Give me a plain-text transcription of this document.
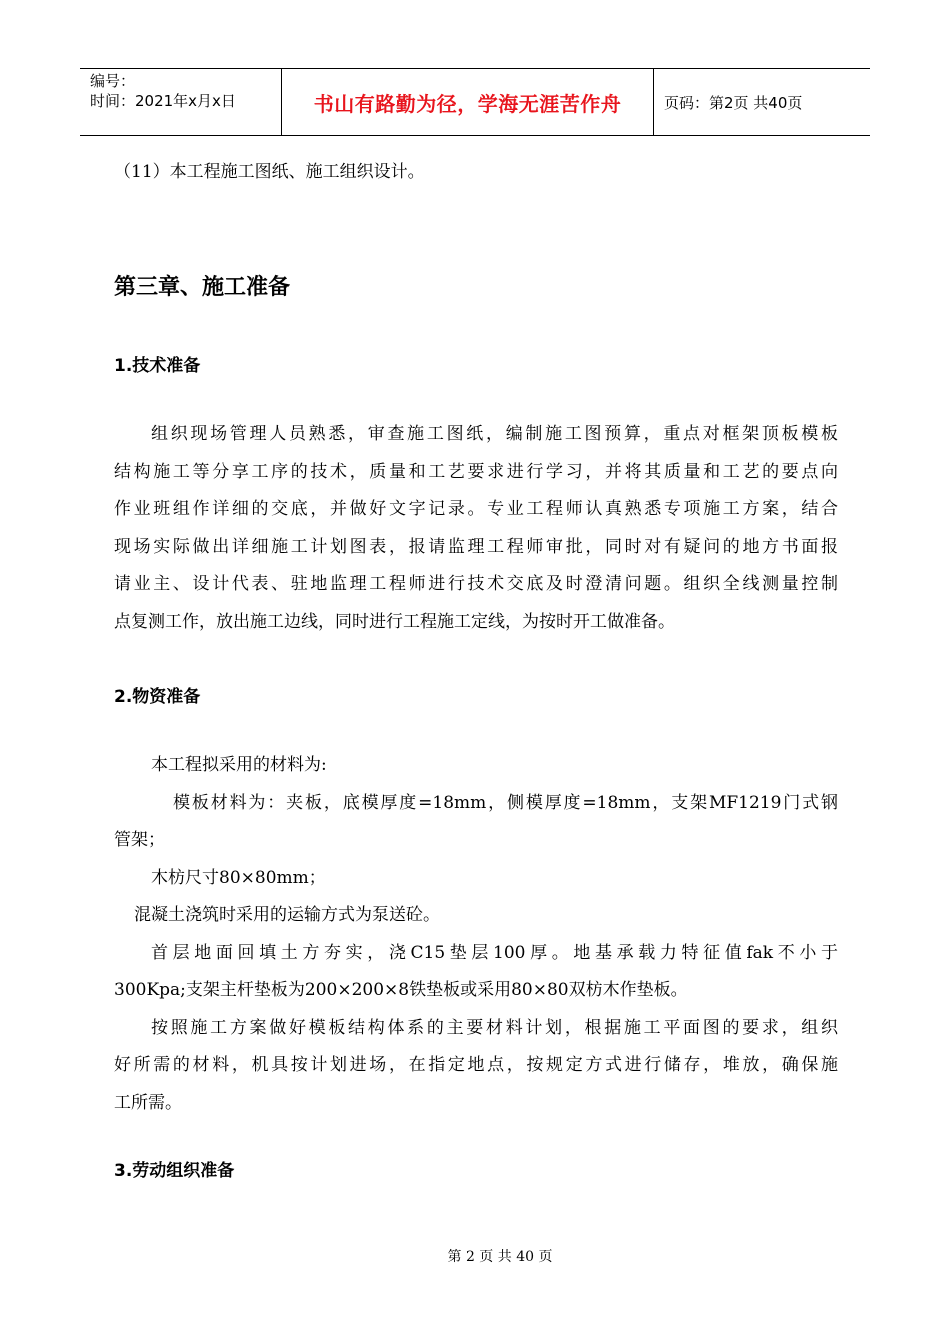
编号：
时间：2021年x月x日	书山有路勤为径，学海无涯苦作舟	页码：第2页 共40页
（11）本工程施工图纸、施工组织设计。
第三章、施工准备
1.技术准备
组织现场管理人员熟悉，审查施工图纸，编制施工图预算，重点对框架顶板模板
结构施工等分享工序的技术，质量和工艺要求进行学习，并将其质量和工艺的要点向
作业班组作详细的交底，并做好文字记录。专业工程师认真熟悉专项施工方案，结合
现场实际做出详细施工计划图表，报请监理工程师审批，同时对有疑问的地方书面报
请业主、设计代表、驻地监理工程师进行技术交底及时澄清问题。组织全线测量控制
点复测工作，放出施工边线，同时进行工程施工定线，为按时开工做准备。
2.物资准备
本工程拟采用的材料为:
模板材料为：夹板，底模厚度=18mm，侧模厚度=18mm，支架MF1219门式钢
管架；
木枋尺寸80×80mm；
混凝土浇筑时采用的运输方式为泵送砼。
首层地面回填土方夯实，浇C15垫层100厚。地基承载力特征值fak不小于
300Kpa;支架主杆垫板为200×200×8铁垫板或采用80×80双枋木作垫板。
按照施工方案做好模板结构体系的主要材料计划，根据施工平面图的要求，组织
好所需的材料，机具按计划进场，在指定地点，按规定方式进行储存，堆放，确保施
工所需。
3.劳动组织准备
第 2 页 共 40 页
